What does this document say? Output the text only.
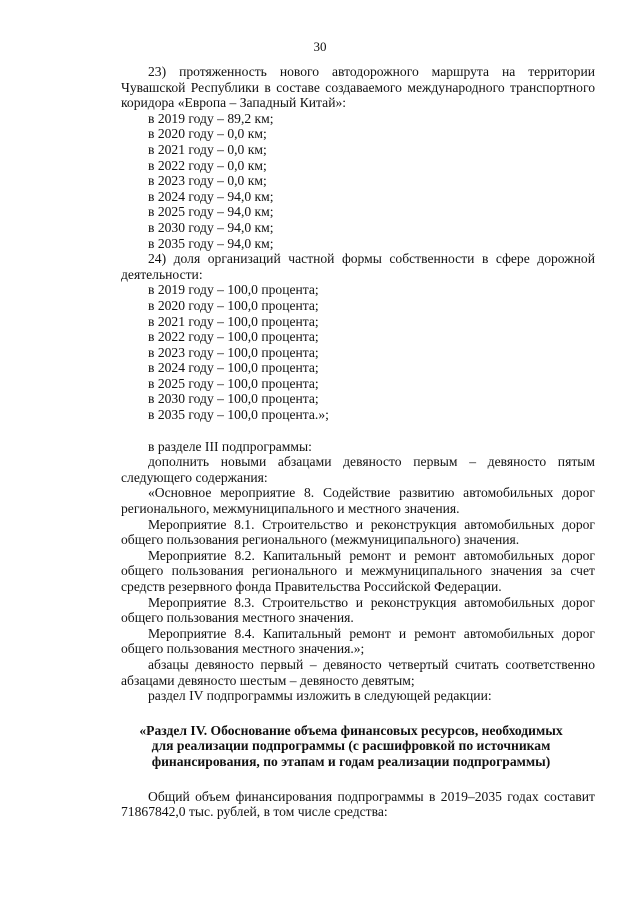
30

23) протяженность нового автодорожного маршрута на территории Чувашской Республики в составе создаваемого международного транспортного коридора «Европа – Западный Китай»:

в 2019 году – 89,2 км;

в 2020 году – 0,0 км;

в 2021 году – 0,0 км;

в 2022 году – 0,0 км;

в 2023 году – 0,0 км;

в 2024 году – 94,0 км;

в 2025 году – 94,0 км;

в 2030 году – 94,0 км;

в 2035 году – 94,0 км;

24) доля организаций частной формы собственности в сфере дорожной деятельности:

в 2019 году – 100,0 процента;

в 2020 году – 100,0 процента;

в 2021 году – 100,0 процента;

в 2022 году – 100,0 процента;

в 2023 году – 100,0 процента;

в 2024 году – 100,0 процента;

в 2025 году – 100,0 процента;

в 2030 году – 100,0 процента;

в 2035 году – 100,0 процента.»;

в разделе III подпрограммы:

дополнить новыми абзацами девяносто первым – девяносто пятым следующего содержания:

«Основное мероприятие 8. Содействие развитию автомобильных дорог регионального, межмуниципального и местного значения.

Мероприятие 8.1. Строительство и реконструкция автомобильных дорог общего пользования регионального (межмуниципального) значения.

Мероприятие 8.2. Капитальный ремонт и ремонт автомобильных дорог общего пользования регионального и межмуниципального значения за счет средств резервного фонда Правительства Российской Федерации.

Мероприятие 8.3. Строительство и реконструкция автомобильных дорог общего пользования местного значения.

Мероприятие 8.4. Капитальный ремонт и ремонт автомобильных дорог общего пользования местного значения.»;

абзацы девяносто первый – девяносто четвертый считать соответственно абзацами девяносто шестым – девяносто девятым;

раздел IV подпрограммы изложить в следующей редакции:

«Раздел IV. Обоснование объема финансовых ресурсов, необходимых
для реализации подпрограммы (с расшифровкой по источникам
финансирования, по этапам и годам реализации подпрограммы)

Общий объем финансирования подпрограммы в 2019–2035 годах составит 71867842,0 тыс. рублей, в том числе средства:
